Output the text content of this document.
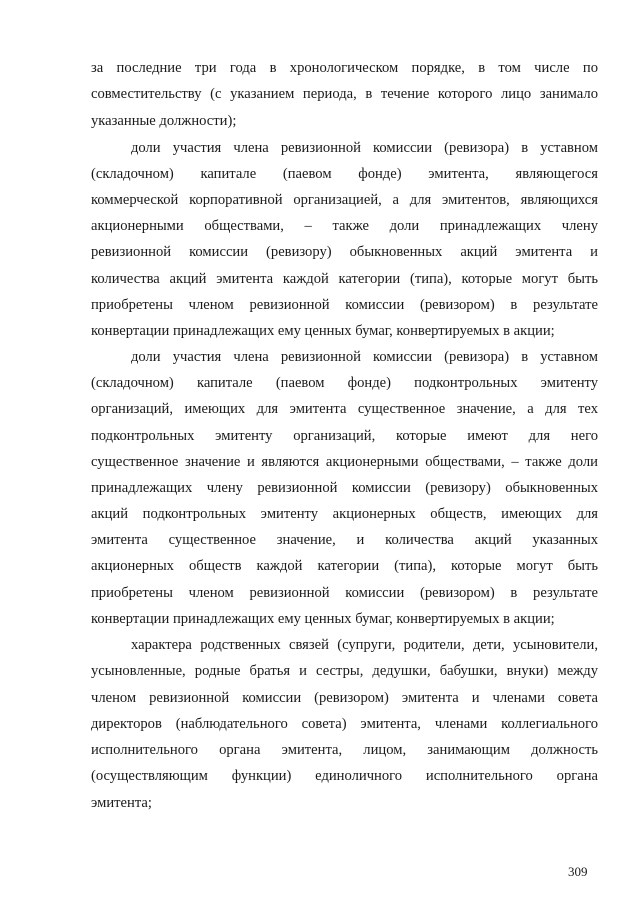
за последние три года в хронологическом порядке, в том числе по
совместительству (с указанием периода, в течение которого лицо занимало
указанные должности);
доли участия члена ревизионной комиссии (ревизора) в уставном
(складочном) капитале (паевом фонде) эмитента, являющегося
коммерческой корпоративной организацией, а для эмитентов, являющихся
акционерными обществами, – также доли принадлежащих члену
ревизионной комиссии (ревизору) обыкновенных акций эмитента и
количества акций эмитента каждой категории (типа), которые могут быть
приобретены членом ревизионной комиссии (ревизором) в результате
конвертации принадлежащих ему ценных бумаг, конвертируемых в акции;
доли участия члена ревизионной комиссии (ревизора) в уставном
(складочном) капитале (паевом фонде) подконтрольных эмитенту
организаций, имеющих для эмитента существенное значение, а для тех
подконтрольных эмитенту организаций, которые имеют для него
существенное значение и являются акционерными обществами, – также доли
принадлежащих члену ревизионной комиссии (ревизору) обыкновенных
акций подконтрольных эмитенту акционерных обществ, имеющих для
эмитента существенное значение, и количества акций указанных
акционерных обществ каждой категории (типа), которые могут быть
приобретены членом ревизионной комиссии (ревизором) в результате
конвертации принадлежащих ему ценных бумаг, конвертируемых в акции;
характера родственных связей (супруги, родители, дети, усыновители,
усыновленные, родные братья и сестры, дедушки, бабушки, внуки) между
членом ревизионной комиссии (ревизором) эмитента и членами совета
директоров (наблюдательного совета) эмитента, членами коллегиального
исполнительного органа эмитента, лицом, занимающим должность
(осуществляющим функции) единоличного исполнительного органа
эмитента;
309
